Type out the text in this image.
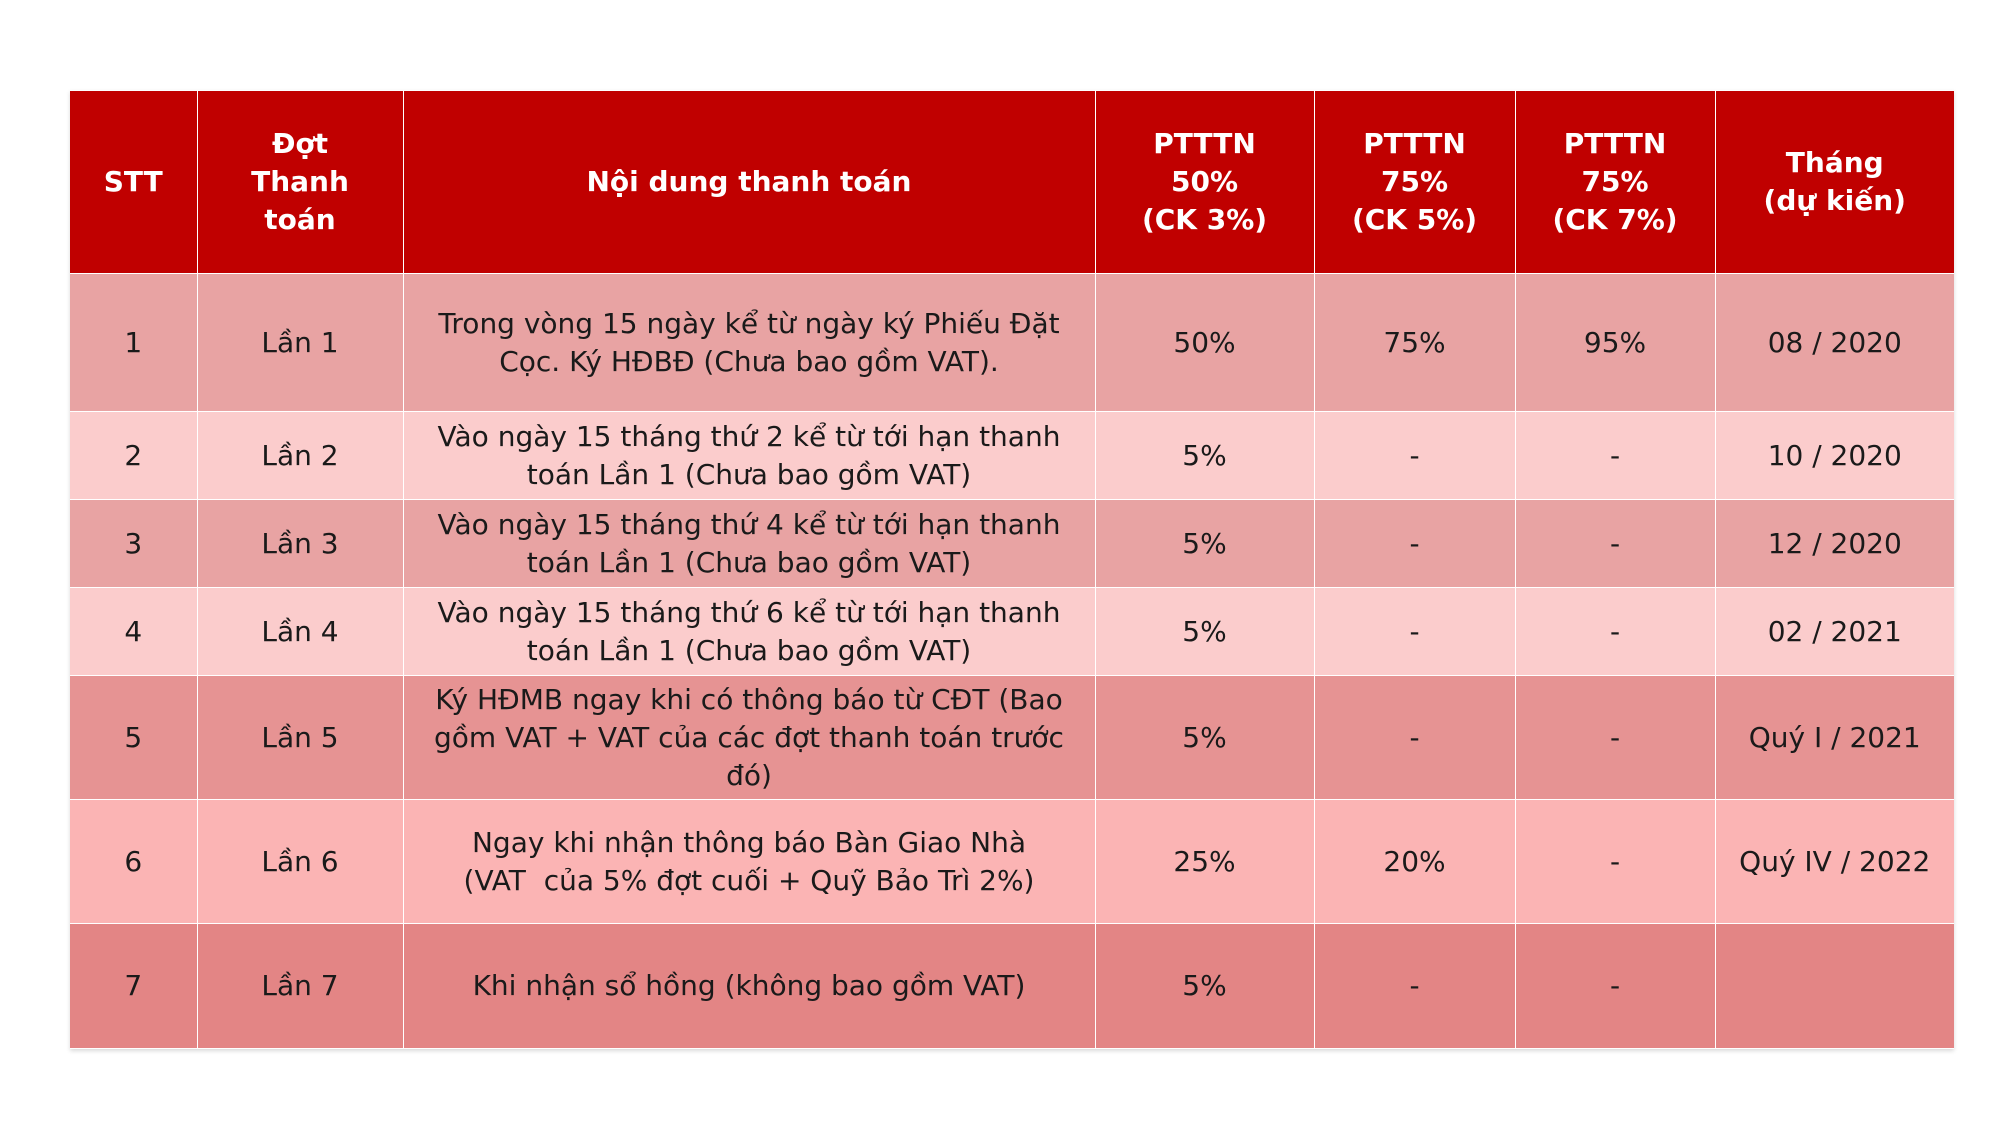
STT	Đợt
Thanh
toán	Nội dung thanh toán	PTTTN
50%
(CK 3%)	PTTTN
75%
(CK 5%)	PTTTN
75%
(CK 7%)	Tháng
(dự kiến)
1	Lần 1	Trong vòng 15 ngày kể từ ngày ký Phiếu Đặt
Cọc. Ký HĐBĐ (Chưa bao gồm VAT).	50%	75%	95%	08 / 2020
2	Lần 2	Vào ngày 15 tháng thứ 2 kể từ tới hạn thanh
toán Lần 1 (Chưa bao gồm VAT)	5%	-	-	10 / 2020
3	Lần 3	Vào ngày 15 tháng thứ 4 kể từ tới hạn thanh
toán Lần 1 (Chưa bao gồm VAT)	5%	-	-	12 / 2020
4	Lần 4	Vào ngày 15 tháng thứ 6 kể từ tới hạn thanh
toán Lần 1 (Chưa bao gồm VAT)	5%	-	-	02 / 2021
5	Lần 5	Ký HĐMB ngay khi có thông báo từ CĐT (Bao
gồm VAT + VAT của các đợt thanh toán trước
đó)	5%	-	-	Quý I / 2021
6	Lần 6	Ngay khi nhận thông báo Bàn Giao Nhà
(VAT  của 5% đợt cuối + Quỹ Bảo Trì 2%)	25%	20%	-	Quý IV / 2022
7	Lần 7	Khi nhận sổ hồng (không bao gồm VAT)	5%	-	-	
